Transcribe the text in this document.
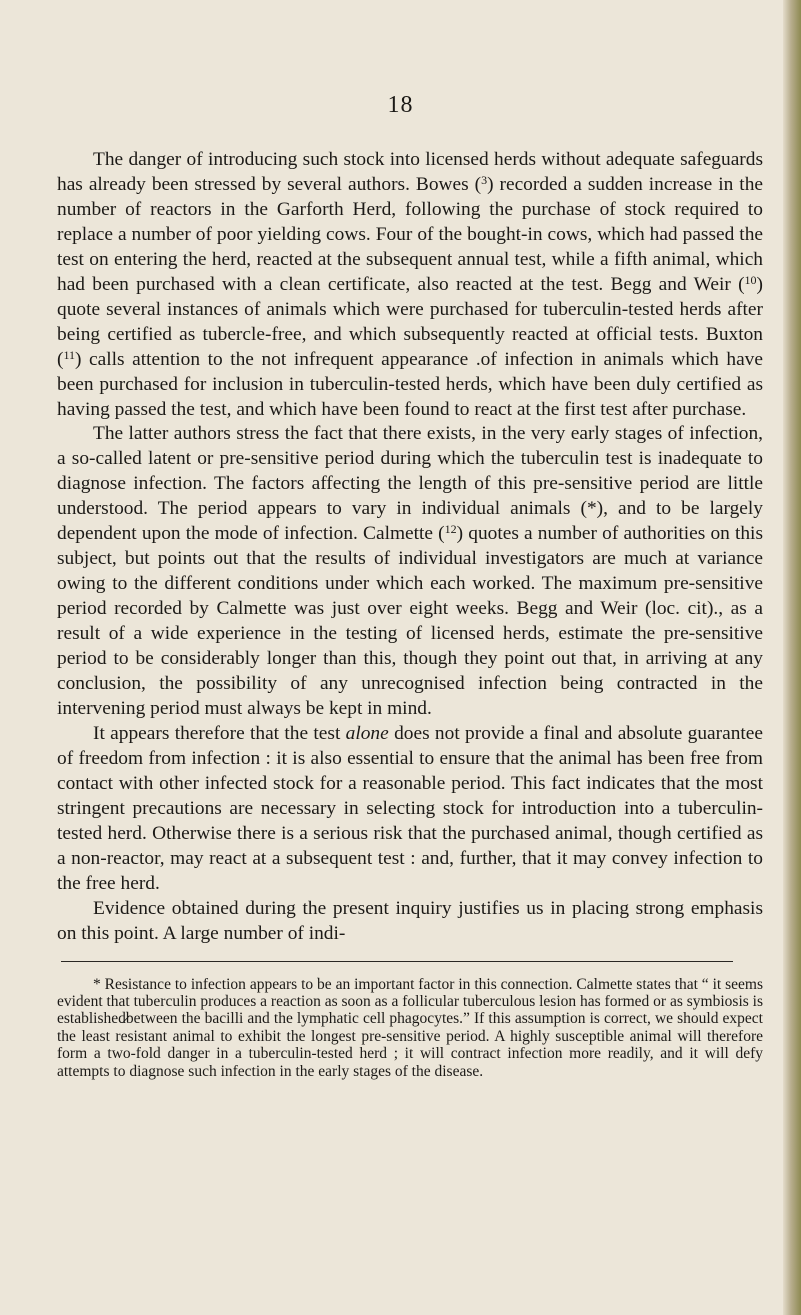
18

The danger of introducing such stock into licensed herds without adequate safeguards has already been stressed by several authors. Bowes ($^3$) recorded a sudden increase in the number of reactors in the Garforth Herd, following the purchase of stock required to replace a number of poor yielding cows. Four of the bought-in cows, which had passed the test on entering the herd, reacted at the subsequent annual test, while a fifth animal, which had been purchased with a clean certificate, also reacted at the test. Begg and Weir ($^{10}$) quote several instances of animals which were purchased for tuberculin-tested herds after being certified as tubercle-free, and which subsequently reacted at official tests. Buxton ($^{11}$) calls attention to the not infrequent appearance .of infection in animals which have been purchased for inclusion in tuberculin-tested herds, which have been duly certified as having passed the test, and which have been found to react at the first test after purchase.

The latter authors stress the fact that there exists, in the very early stages of infection, a so-called latent or pre-sensitive period during which the tuberculin test is inadequate to diagnose infection. The factors affecting the length of this pre-sensitive period are little understood. The period appears to vary in individual animals (*), and to be largely dependent upon the mode of infection. Calmette ($^{12}$) quotes a number of authorities on this subject, but points out that the results of individual investigators are much at variance owing to the different conditions under which each worked. The maximum pre-sensitive period recorded by Calmette was just over eight weeks. Begg and Weir (loc. cit)., as a result of a wide experience in the testing of licensed herds, estimate the pre-sensitive period to be considerably longer than this, though they point out that, in arriving at any conclusion, the possibility of any unrecognised infection being contracted in the intervening period must always be kept in mind.

It appears therefore that the test alone does not provide a final and absolute guarantee of freedom from infection : it is also essential to ensure that the animal has been free from contact with other infected stock for a reasonable period. This fact indicates that the most stringent precautions are necessary in selecting stock for introduction into a tuberculin-tested herd. Otherwise there is a serious risk that the purchased animal, though certified as a non-reactor, may react at a subsequent test : and, further, that it may convey infection to the free herd.

Evidence obtained during the present inquiry justifies us in placing strong emphasis on this point. A large number of indi-

* Resistance to infection appears to be an important factor in this connection. Calmette states that “ it seems evident that tuberculin produces a reaction as soon as a follicular tuberculous lesion has formed or as symbiosis is established̷between the bacilli and the lymphatic cell phagocytes.” If this assumption is correct, we should expect the least resistant animal to exhibit the longest pre-sensitive period. A highly susceptible animal will therefore form a two-fold danger in a tuberculin-tested herd ; it will contract infection more readily, and it will defy attempts to diagnose such infection in the early stages of the disease.
